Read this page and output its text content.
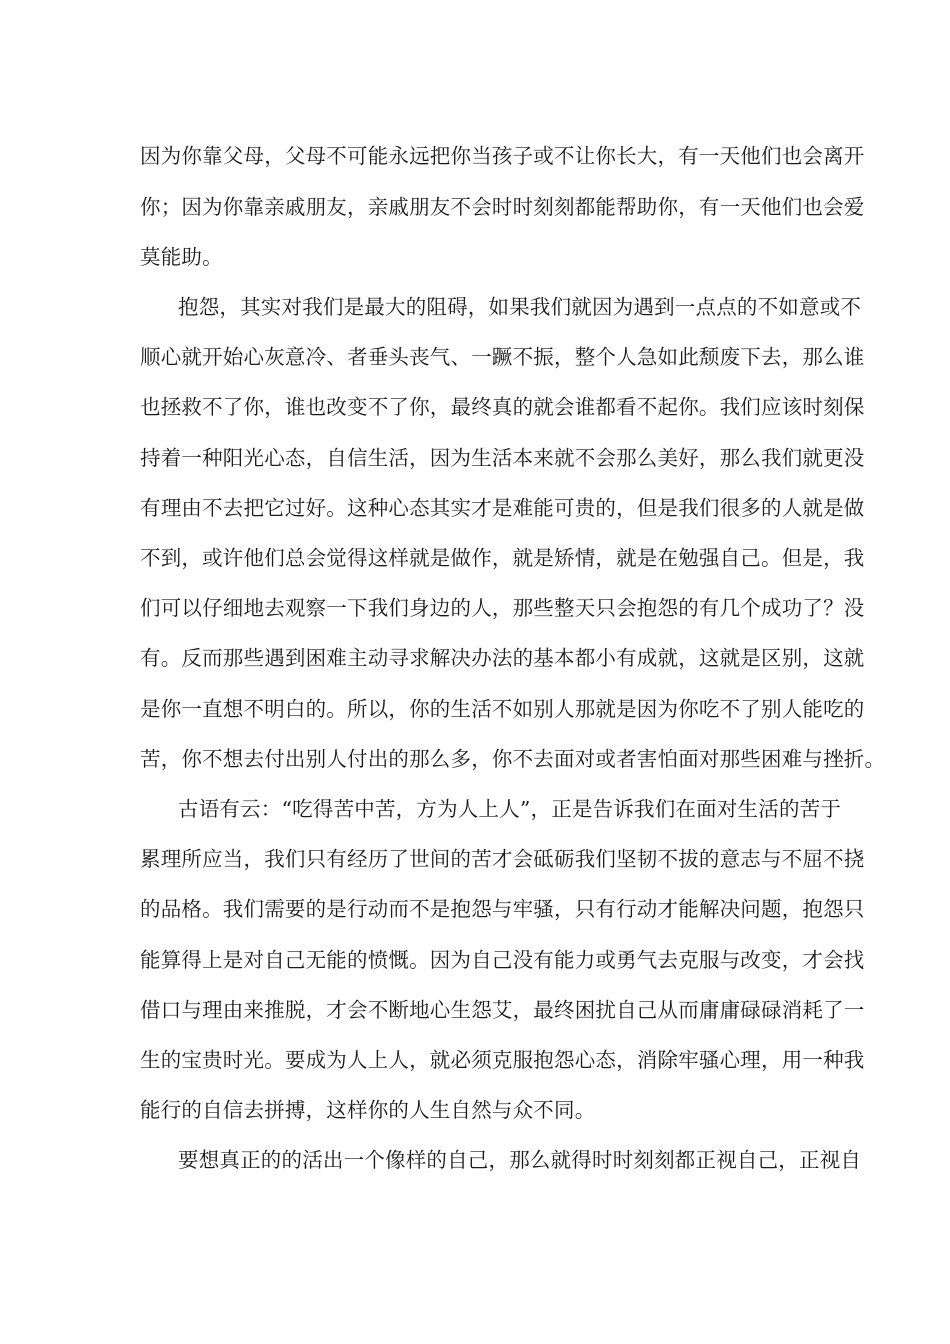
因为你靠父母，父母不可能永远把你当孩子或不让你长大，有一天他们也会离开
你；因为你靠亲戚朋友，亲戚朋友不会时时刻刻都能帮助你，有一天他们也会爱
莫能助。
抱怨，其实对我们是最大的阻碍，如果我们就因为遇到一点点的不如意或不
顺心就开始心灰意冷、者垂头丧气、一蹶不振，整个人急如此颓废下去，那么谁
也拯救不了你，谁也改变不了你，最终真的就会谁都看不起你。我们应该时刻保
持着一种阳光心态，自信生活，因为生活本来就不会那么美好，那么我们就更没
有理由不去把它过好。这种心态其实才是难能可贵的，但是我们很多的人就是做
不到，或许他们总会觉得这样就是做作，就是矫情，就是在勉强自己。但是，我
们可以仔细地去观察一下我们身边的人，那些整天只会抱怨的有几个成功了？没
有。反而那些遇到困难主动寻求解决办法的基本都小有成就，这就是区别，这就
是你一直想不明白的。所以，你的生活不如别人那就是因为你吃不了别人能吃的
苦，你不想去付出别人付出的那么多，你不去面对或者害怕面对那些困难与挫折。
古语有云：“吃得苦中苦，方为人上人”，正是告诉我们在面对生活的苦于
累理所应当，我们只有经历了世间的苦才会砥砺我们坚韧不拔的意志与不屈不挠
的品格。我们需要的是行动而不是抱怨与牢骚，只有行动才能解决问题，抱怨只
能算得上是对自己无能的愤慨。因为自己没有能力或勇气去克服与改变，才会找
借口与理由来推脱，才会不断地心生怨艾，最终困扰自己从而庸庸碌碌消耗了一
生的宝贵时光。要成为人上人，就必须克服抱怨心态，消除牢骚心理，用一种我
能行的自信去拼搏，这样你的人生自然与众不同。
要想真正的的活出一个像样的自己，那么就得时时刻刻都正视自己，正视自
